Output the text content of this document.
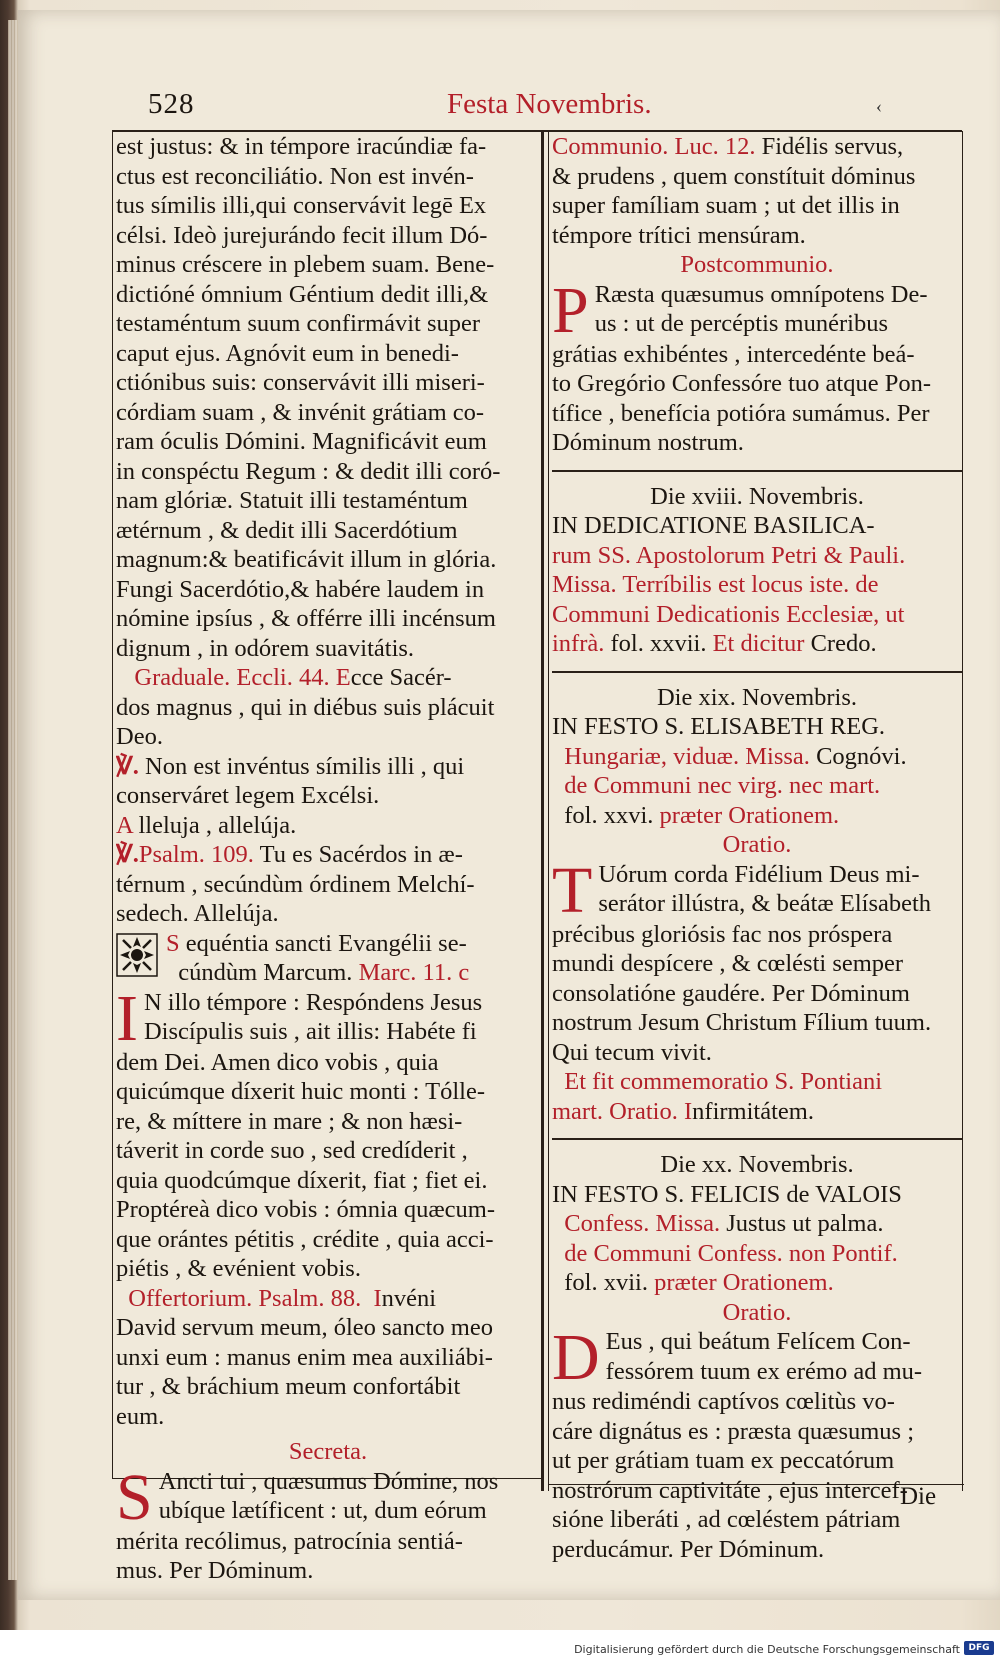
528	Festa Novembris.	‹
est justus: & in témpore iracúndiæ fa-
ctus est reconciliátio. Non est invén-
tus símilis illi,qui conservávit legē Ex
célsi. Ideò jurejurándo fecit illum Dó-
minus créscere in plebem suam. Bene-
dictióné ómnium Géntium dedit illi,&
testaméntum suum confirmávit super
caput ejus. Agnóvit eum in benedi-
ctiónibus suis: conservávit illi miseri-
córdiam suam , & invénit grátiam co-
ram óculis Dómini. Magnificávit eum
in conspéctu Regum : & dedit illi coró-
nam glóriæ. Statuit illi testaméntum
ætérnum , & dedit illi Sacerdótium
magnum:& beatificávit illum in glória.
Fungi Sacerdótio,& habére laudem in
nómine ipsíus , & offérre illi incénsum
dignum , in odórem suavitátis.
Graduale. Eccli. 44. Ecce Sacér-
dos magnus , qui in diébus suis plácuit
Deo.
℣. Non est invéntus símilis illi , qui
conserváret legem Excélsi.
A lleluja , allelúja.
℣.Psalm. 109. Tu es Sacérdos in æ-
térnum , secúndùm órdinem Melchí-
sedech. Allelúja.
S equéntia sancti Evangélii se-
cúndùm Marcum. Marc. 11. c
I N illo témpore : Respóndens Jesus
Discípulis suis , ait illis: Habéte fi
dem Dei. Amen dico vobis , quia
quicúmque díxerit huic monti : Tólle-
re, & míttere in mare ; & non hæsi-
táverit in corde suo , sed credíderit ,
quia quodcúmque díxerit, fiat ; fiet ei.
Proptéreà dico vobis : ómnia quæcum-
que orántes pétitis , crédite , quia acci-
piétis , & evénient vobis.
Offertorium. Psalm. 88. Invéni
David servum meum, óleo sancto meo
unxi eum : manus enim mea auxiliábi-
tur , & bráchium meum confortábit
eum.
Secreta.
S Ancti tui , quæsumus Dómine, nos
ubíque lætíficent : ut, dum eórum
mérita recólimus, patrocínia sentiá-
mus. Per Dóminum.
Communio. Luc. 12. Fidélis servus,
& prudens , quem constítuit dóminus
super famíliam suam ; ut det illis in
témpore trítici mensúram.
Postcommunio.
P Ræsta quæsumus omnípotens De-
us : ut de percéptis munéribus
grátias exhibéntes , intercedénte beá-
to Gregório Confessóre tuo atque Pon-
tífice , benefícia potióra sumámus. Per
Dóminum nostrum.
Die xviii. Novembris.
IN DEDICATIONE BASILICA-
rum SS. Apostolorum Petri & Pauli.
Missa. Terríbilis est locus iste. de
Communi Dedicationis Ecclesiæ, ut
infrà. fol. xxvii. Et dicitur Credo.
Die xix. Novembris.
IN FESTO S. ELISABETH REG.
Hungariæ, viduæ. Missa. Cognóvi.
de Communi nec virg. nec mart.
fol. xxvi. præter Orationem.
Oratio.
T Uórum corda Fidélium Deus mi-
serátor illústra, & beátæ Elísabeth
précibus gloriósis fac nos próspera
mundi despícere , & cœlésti semper
consolatióne gaudére. Per Dóminum
nostrum Jesum Christum Fílium tuum.
Qui tecum vivit.
Et fit commemoratio S. Pontiani
mart. Oratio. Infirmitátem.
Die xx. Novembris.
IN FESTO S. FELICIS de VALOIS
Confess. Missa. Justus ut palma.
de Communi Confess. non Pontif.
fol. xvii. præter Orationem.
Oratio.
D Eus , qui beátum Felícem Con-
fessórem tuum ex erémo ad mu-
nus rediméndi captívos cœlitùs vo-
cáre dignátus es : præsta quæsumus ;
ut per grátiam tuam ex peccatórum
nostrórum captivitáte , ejus intercef-
sióne liberáti , ad cœléstem pátriam
perducámur. Per Dóminum.
Die
Digitalisierung gefördert durch die Deutsche Forschungsgemeinschaft DFG
